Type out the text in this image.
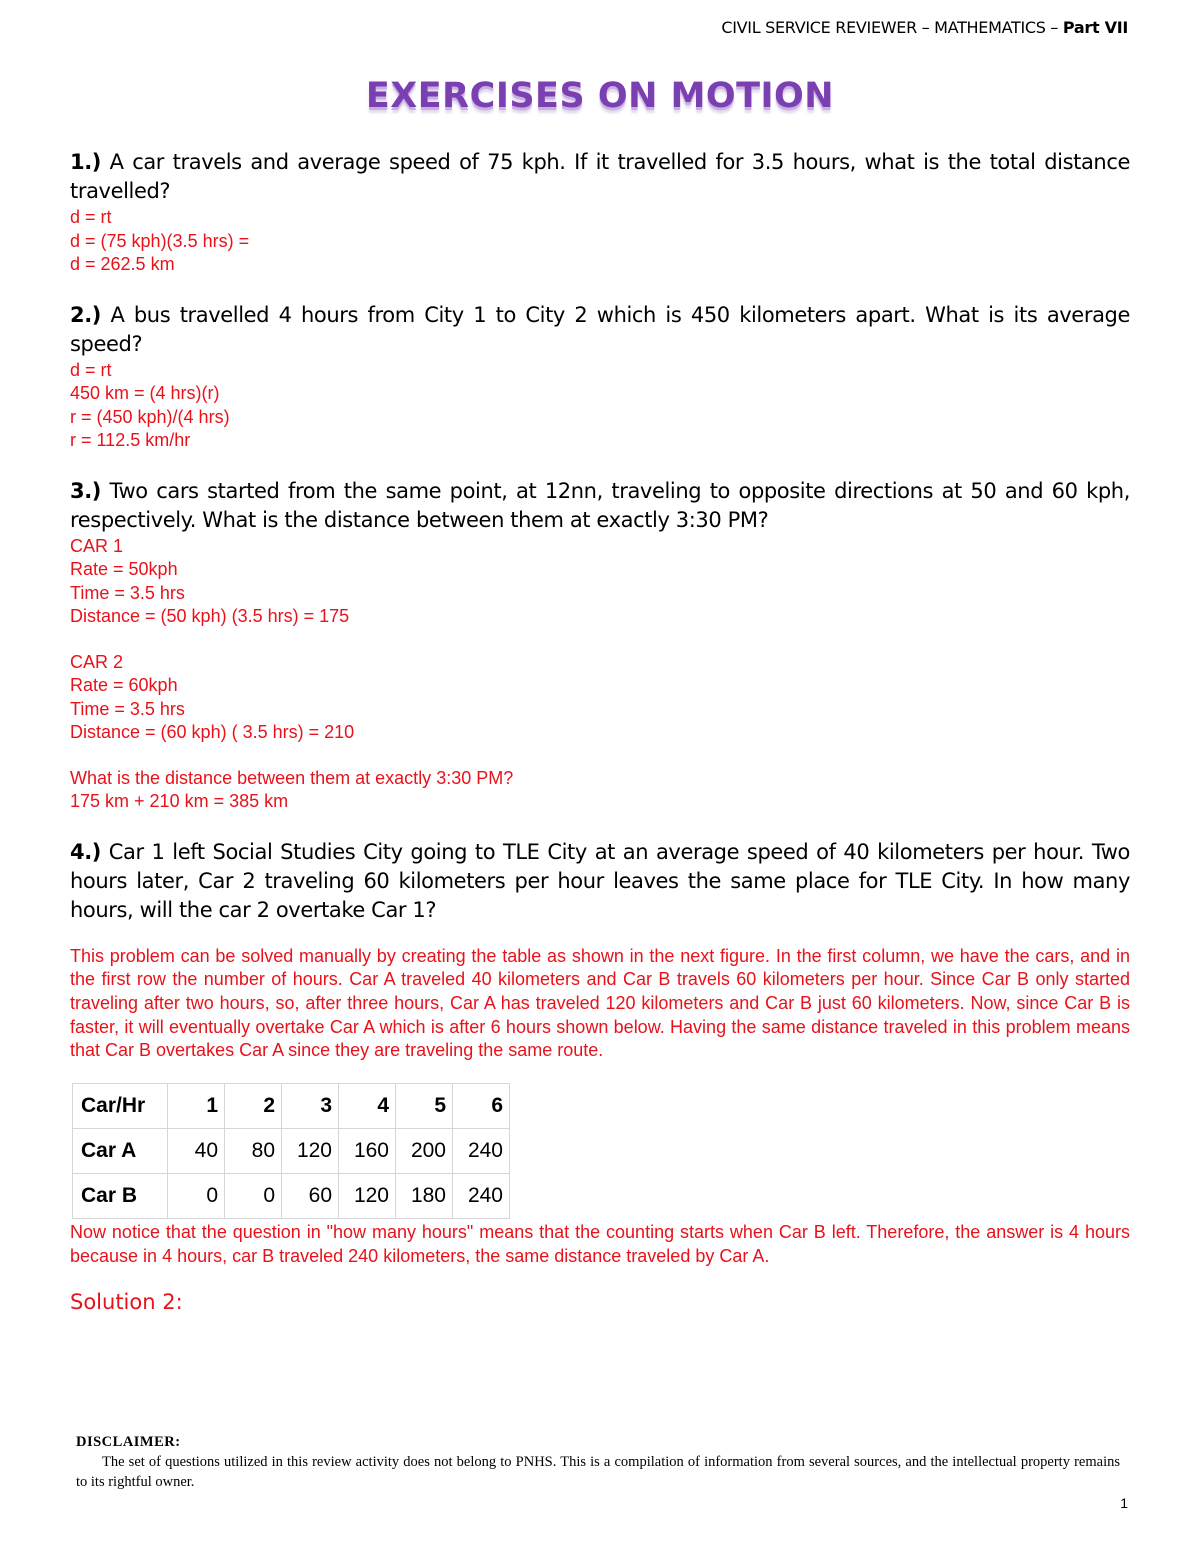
CIVIL SERVICE REVIEWER – MATHEMATICS – Part VII
EXERCISES ON MOTION
1.) A car travels and average speed of 75 kph. If it travelled for 3.5 hours, what is the total distance travelled?
d = rt
d = (75 kph)(3.5 hrs) =
d = 262.5 km
2.) A bus travelled 4 hours from City 1 to City 2 which is 450 kilometers apart. What is its average speed?
d = rt
450 km = (4 hrs)(r)
r = (450 kph)/(4 hrs)
r = 112.5 km/hr
3.) Two cars started from the same point, at 12nn, traveling to opposite directions at 50 and 60 kph, respectively. What is the distance between them at exactly 3:30 PM?
CAR 1
Rate = 50kph
Time = 3.5 hrs
Distance = (50 kph) (3.5 hrs) = 175
CAR 2
Rate = 60kph
Time = 3.5 hrs
Distance = (60 kph) ( 3.5 hrs) = 210
What is the distance between them at exactly 3:30 PM?
175 km + 210 km = 385 km
4.) Car 1 left Social Studies City going to TLE City at an average speed of 40 kilometers per hour. Two hours later, Car 2 traveling 60 kilometers per hour leaves the same place for TLE City. In how many hours, will the car 2 overtake Car 1?
This problem can be solved manually by creating the table as shown in the next figure. In the first column, we have the cars, and in the first row the number of hours. Car A traveled 40 kilometers and Car B travels 60 kilometers per hour. Since Car B only started traveling after two hours, so, after three hours, Car A has traveled 120 kilometers and Car B just 60 kilometers. Now, since Car B is faster, it will eventually overtake Car A which is after 6 hours shown below. Having the same distance traveled in this problem means that Car B overtakes Car A since they are traveling the same route.
Car/Hr	1	2	3	4	5	6
Car A	40	80	120	160	200	240
Car B	0	0	60	120	180	240
Now notice that the question in "how many hours" means that the counting starts when Car B left. Therefore, the answer is 4 hours because in 4 hours, car B traveled 240 kilometers, the same distance traveled by Car A.
Solution 2:
DISCLAIMER:
The set of questions utilized in this review activity does not belong to PNHS. This is a compilation of information from several sources, and the intellectual property remains to its rightful owner.
1
